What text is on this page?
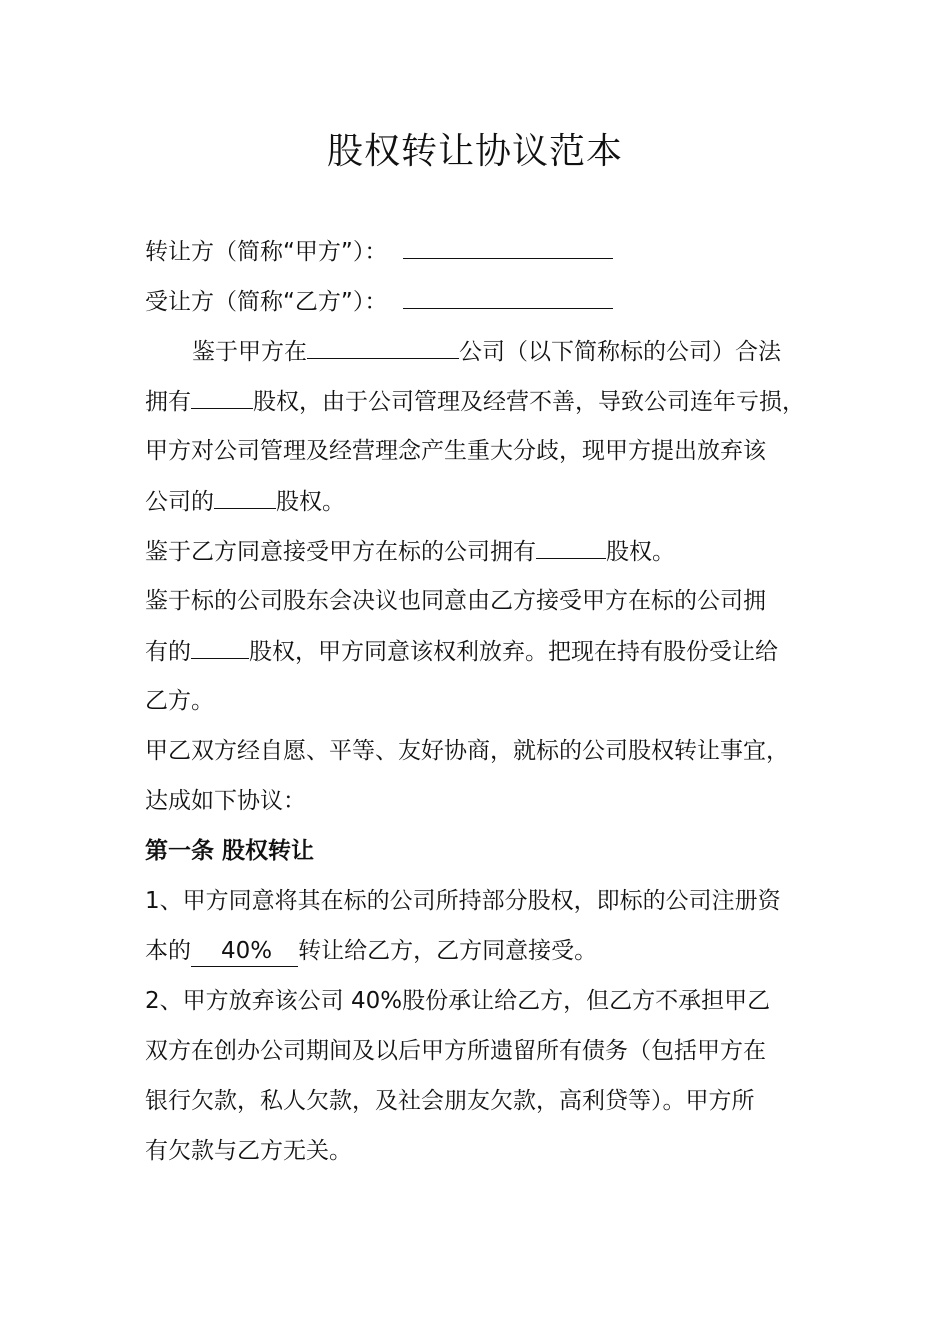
股权转让协议范本
转让方（简称“甲方”）：
受让方（简称“乙方”）：
鉴于甲方在	公司（以下简称标的公司）合法
拥有	股权，由于公司管理及经营不善，导致公司连年亏损，
甲方对公司管理及经营理念产生重大分歧，现甲方提出放弃该
公司的	股权。
鉴于乙方同意接受甲方在标的公司拥有	股权。
鉴于标的公司股东会决议也同意由乙方接受甲方在标的公司拥
有的	股权，甲方同意该权利放弃。把现在持有股份受让给
乙方。
甲乙双方经自愿、平等、友好协商，就标的公司股权转让事宜，
达成如下协议：
第一条 股权转让
1、甲方同意将其在标的公司所持部分股权，即标的公司注册资
本的 40% 转让给乙方，乙方同意接受。
2、甲方放弃该公司 40%股份承让给乙方，但乙方不承担甲乙
双方在创办公司期间及以后甲方所遗留所有债务（包括甲方在
银行欠款，私人欠款，及社会朋友欠款，高利贷等）。甲方所
有欠款与乙方无关。
